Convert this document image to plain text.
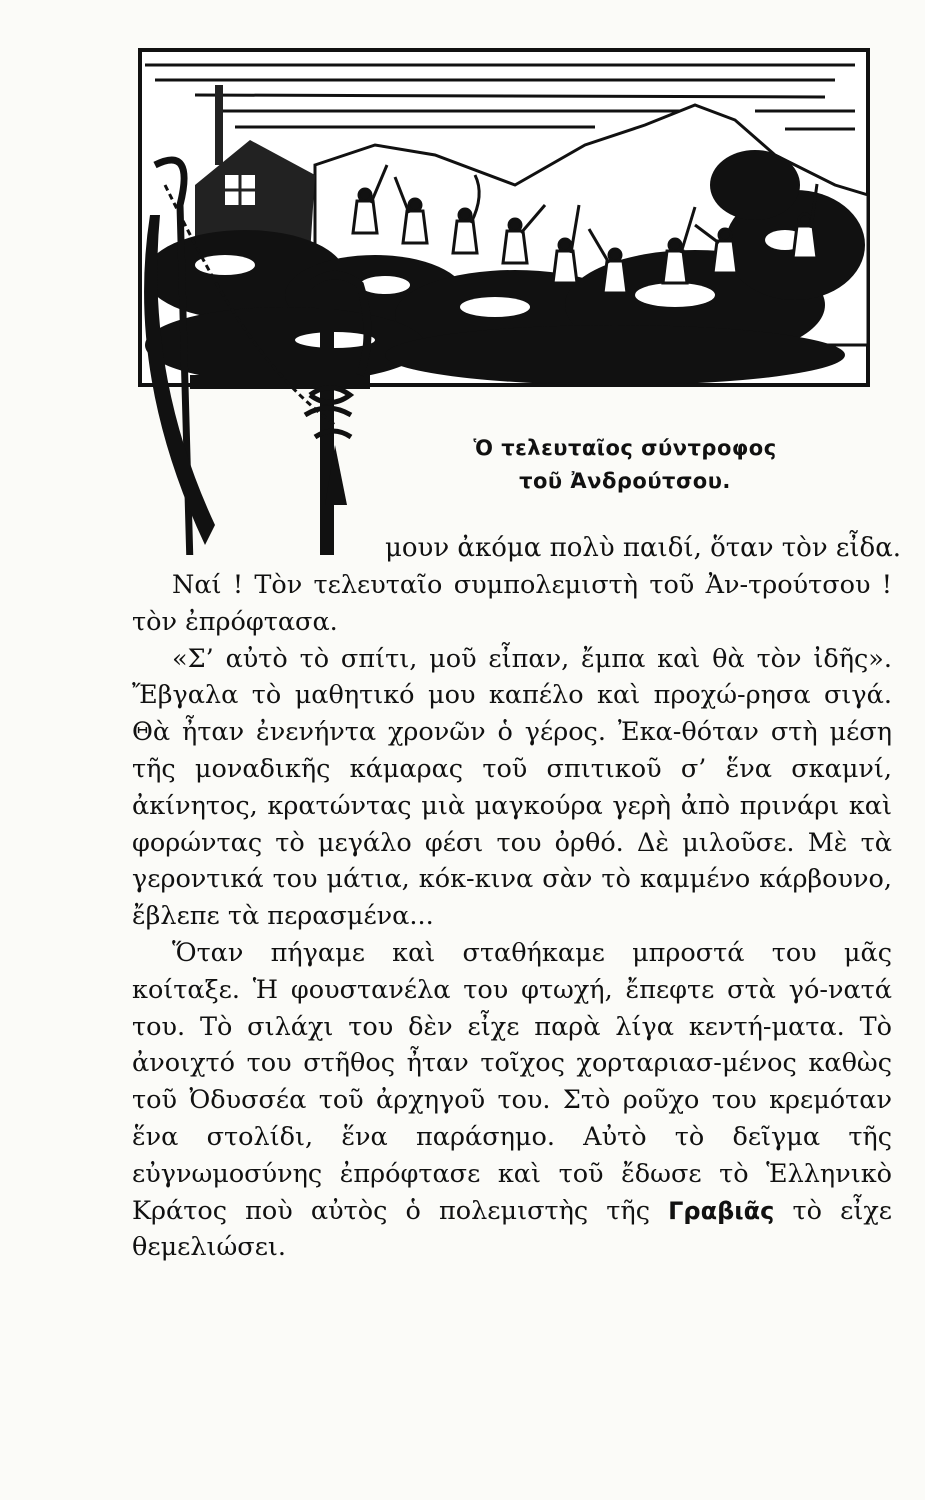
Ὁ τελευταῖος σύντροφος
τοῦ Ἀνδρούτσου.
μουν ἀκόμα πολὺ παιδί, ὅταν τὸν εἶδα.

Ναί ! Τὸν τελευταῖο συμπολεμιστὴ τοῦ Ἀν-τρούτσου ! τὸν ἐπρόφτασα.

«Σ’ αὐτὸ τὸ σπίτι, μοῦ εἶπαν, ἔμπα καὶ θὰ τὸν ἰδῆς». Ἔβγαλα τὸ μαθητικό μου καπέλο καὶ προχώ-ρησα σιγά. Θὰ ἦταν ἐνενήντα χρονῶν ὁ γέρος. Ἐκα-θόταν στὴ μέση τῆς μοναδικῆς κάμαρας τοῦ σπιτικοῦ σ’ ἕνα σκαμνί, ἀκίνητος, κρατώντας μιὰ μαγκούρα γερὴ ἀπὸ πρινάρι καὶ φορώντας τὸ μεγάλο φέσι του ὀρθό. Δὲ μιλοῦσε. Μὲ τὰ γεροντικά του μάτια, κόκ-κινα σὰν τὸ καμμένο κάρβουνο, ἔβλεπε τὰ περασμένα...

Ὅταν πήγαμε καὶ σταθήκαμε μπροστά του μᾶς κοίταξε. Ἡ φουστανέλα του φτωχή, ἔπεφτε στὰ γό-νατά του. Τὸ σιλάχι του δὲν εἶχε παρὰ λίγα κεντή-ματα. Τὸ ἀνοιχτό του στῆθος ἦταν τοῖχος χορταριασ-μένος καθὼς τοῦ Ὀδυσσέα τοῦ ἀρχηγοῦ του. Στὸ ροῦχο του κρεμόταν ἕνα στολίδι, ἕνα παράσημο. Αὐτὸ τὸ δεῖγμα τῆς εὐγνωμοσύνης ἐπρόφτασε καὶ τοῦ ἔδωσε τὸ Ἑλληνικὸ Κράτος ποὺ αὐτὸς ὁ πολεμιστὴς τῆς Γραβιᾶς τὸ εἶχε θεμελιώσει.
